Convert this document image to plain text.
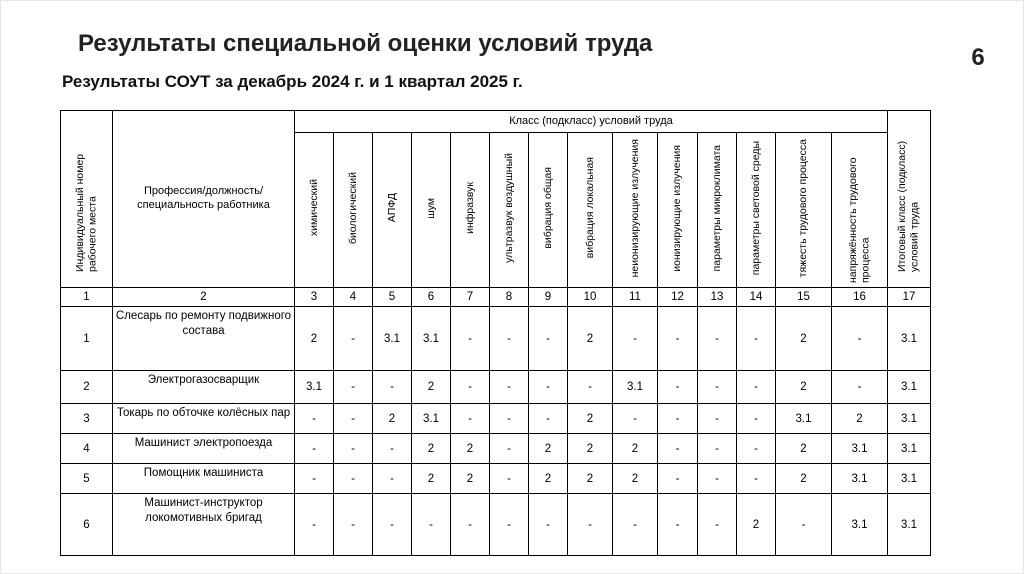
Результаты специальной оценки условий труда
6
Результаты СОУТ за декабрь 2024 г. и 1 квартал 2025 г.
Индивидуальный номер рабочего места	Профессия/должность/ специальность работника	Класс (подкласс) условий труда														Итоговый класс (подкласс) условий труда
		химический	биологический	АПФД	шум	инфразвук	ультразвук воздушный	вибрация общая	вибрация локальная	неионизирующие излучения	ионизирующие излучения	параметры микроклимата	параметры световой среды	тяжесть трудового процесса	напряжённость трудового процесса	
1	2	3	4	5	6	7	8	9	10	11	12	13	14	15	16	17
1	Слесарь по ремонту подвижного состава	2	-	3.1	3.1	-	-	-	2	-	-	-	-	2	-	3.1
2	Электрогазосварщик	3.1	-	-	2	-	-	-	-	3.1	-	-	-	2	-	3.1
3	Токарь по обточке колёсных пар	-	-	2	3.1	-	-	-	2	-	-	-	-	3.1	2	3.1
4	Машинист электропоезда	-	-	-	2	2	-	2	2	2	-	-	-	2	3.1	3.1
5	Помощник машиниста	-	-	-	2	2	-	2	2	2	-	-	-	2	3.1	3.1
6	Машинист-инструктор локомотивных бригад	-	-	-	-	-	-	-	-	-	-	-	2	-	3.1	3.1
